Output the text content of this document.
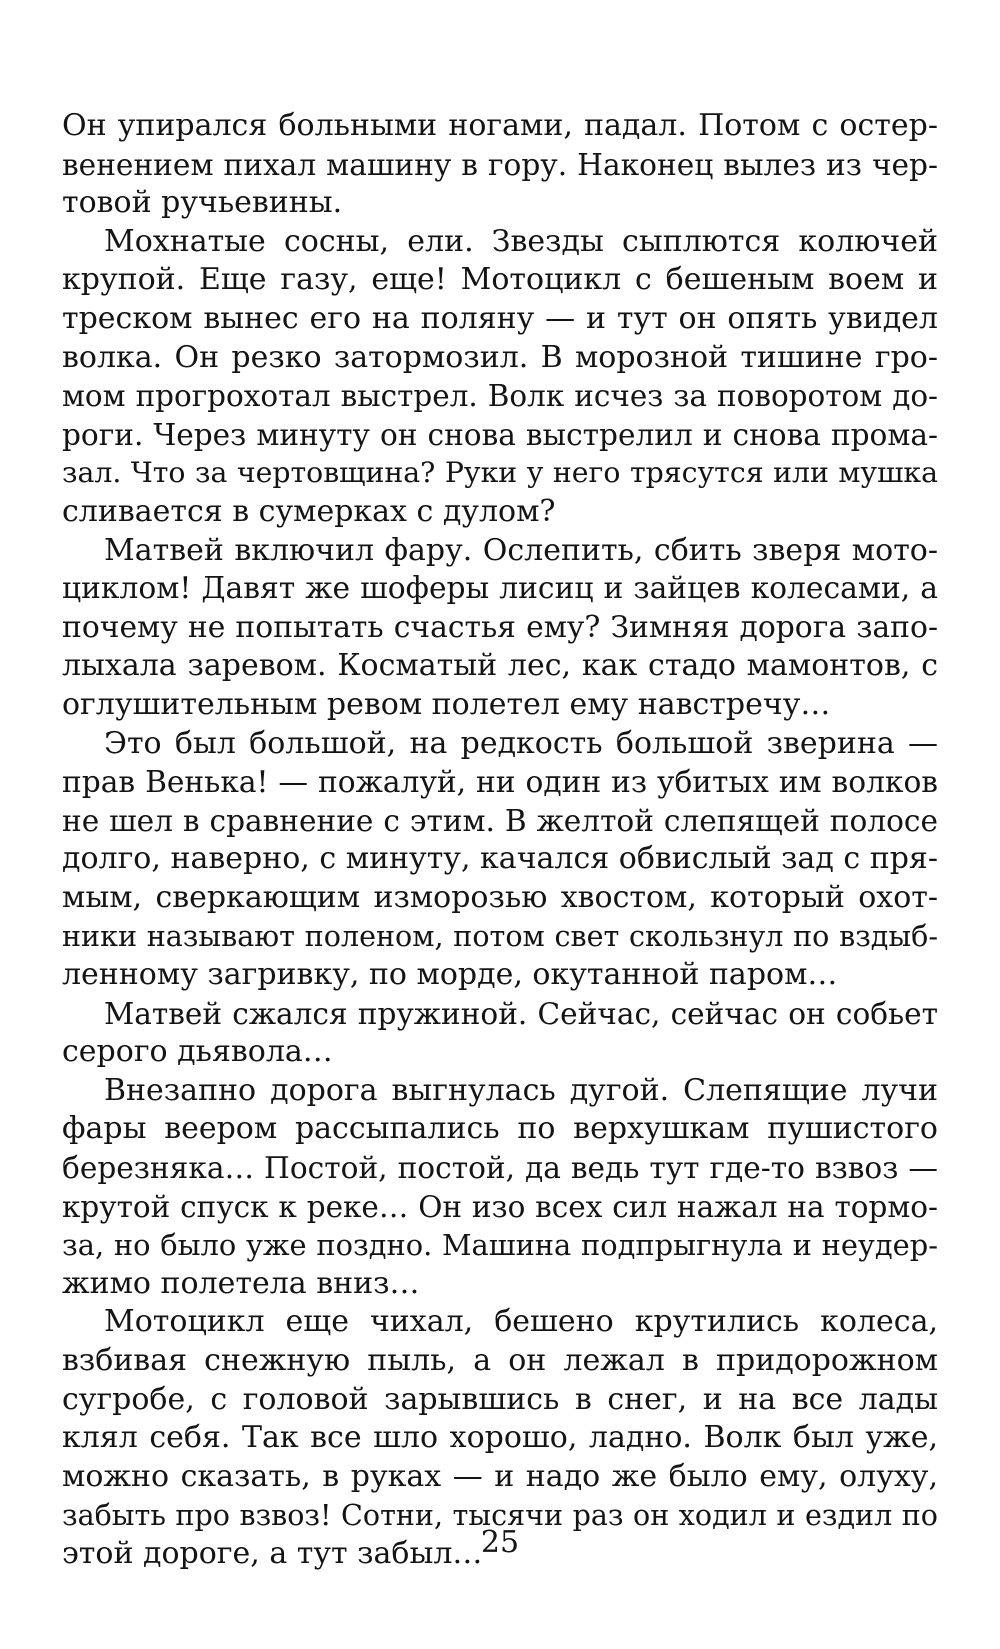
Он упирался больными ногами, падал. Потом с остер-
венением пихал машину в гору. Наконец вылез из чер-
товой ручьевины.
Мохнатые сосны, ели. Звезды сыплются колючей
крупой. Еще газу, еще! Мотоцикл с бешеным воем и
треском вынес его на поляну — и тут он опять увидел
волка. Он резко затормозил. В морозной тишине гро-
мом прогрохотал выстрел. Волк исчез за поворотом до-
роги. Через минуту он снова выстрелил и снова прома-
зал. Что за чертовщина? Руки у него трясутся или мушка
сливается в сумерках с дулом?
Матвей включил фару. Ослепить, сбить зверя мото-
циклом! Давят же шоферы лисиц и зайцев колесами, а
почему не попытать счастья ему? Зимняя дорога запо-
лыхала заревом. Косматый лес, как стадо мамонтов, с
оглушительным ревом полетел ему навстречу…
Это был большой, на редкость большой зверина —
прав Венька! — пожалуй, ни один из убитых им волков
не шел в сравнение с этим. В желтой слепящей полосе
долго, наверно, с минуту, качался обвислый зад с пря-
мым, сверкающим изморозью хвостом, который охот-
ники называют поленом, потом свет скользнул по вздыб-
ленному загривку, по морде, окутанной паром…
Матвей сжался пружиной. Сейчас, сейчас он собьет
серого дьявола…
Внезапно дорога выгнулась дугой. Слепящие лучи
фары веером рассыпались по верхушкам пушистого
березняка… Постой, постой, да ведь тут где-то взвоз —
крутой спуск к реке… Он изо всех сил нажал на тормо-
за, но было уже поздно. Машина подпрыгнула и неудер-
жимо полетела вниз…
Мотоцикл еще чихал, бешено крутились колеса,
взбивая снежную пыль, а он лежал в придорожном
сугробе, с головой зарывшись в снег, и на все лады
клял себя. Так все шло хорошо, ладно. Волк был уже,
можно сказать, в руках — и надо же было ему, олуху,
забыть про взвоз! Сотни, тысячи раз он ходил и ездил по
этой дороге, а тут забыл…
25
